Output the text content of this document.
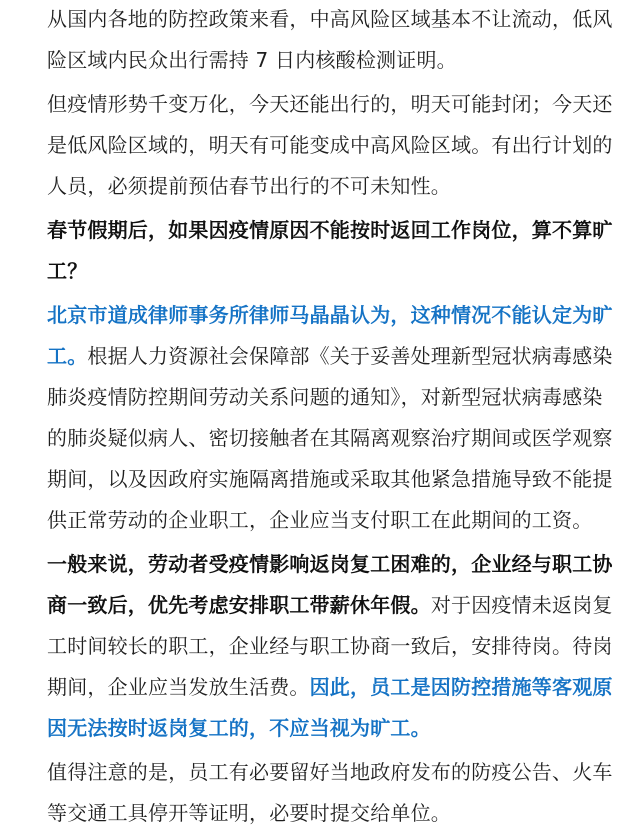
从国内各地的防控政策来看，中高风险区域基本不让流动，低风险区域内民众出行需持 7 日内核酸检测证明。

但疫情形势千变万化，今天还能出行的，明天可能封闭；今天还是低风险区域的，明天有可能变成中高风险区域。有出行计划的人员，必须提前预估春节出行的不可未知性。

春节假期后，如果因疫情原因不能按时返回工作岗位，算不算旷工？

北京市道成律师事务所律师马晶晶认为，这种情况不能认定为旷工。根据人力资源社会保障部《关于妥善处理新型冠状病毒感染肺炎疫情防控期间劳动关系问题的通知》，对新型冠状病毒感染的肺炎疑似病人、密切接触者在其隔离观察治疗期间或医学观察期间，以及因政府实施隔离措施或采取其他紧急措施导致不能提供正常劳动的企业职工，企业应当支付职工在此期间的工资。

一般来说，劳动者受疫情影响返岗复工困难的，企业经与职工协商一致后，优先考虑安排职工带薪休年假。对于因疫情未返岗复工时间较长的职工，企业经与职工协商一致后，安排待岗。待岗期间，企业应当发放生活费。因此，员工是因防控措施等客观原因无法按时返岗复工的，不应当视为旷工。

值得注意的是，员工有必要留好当地政府发布的防疫公告、火车等交通工具停开等证明，必要时提交给单位。
